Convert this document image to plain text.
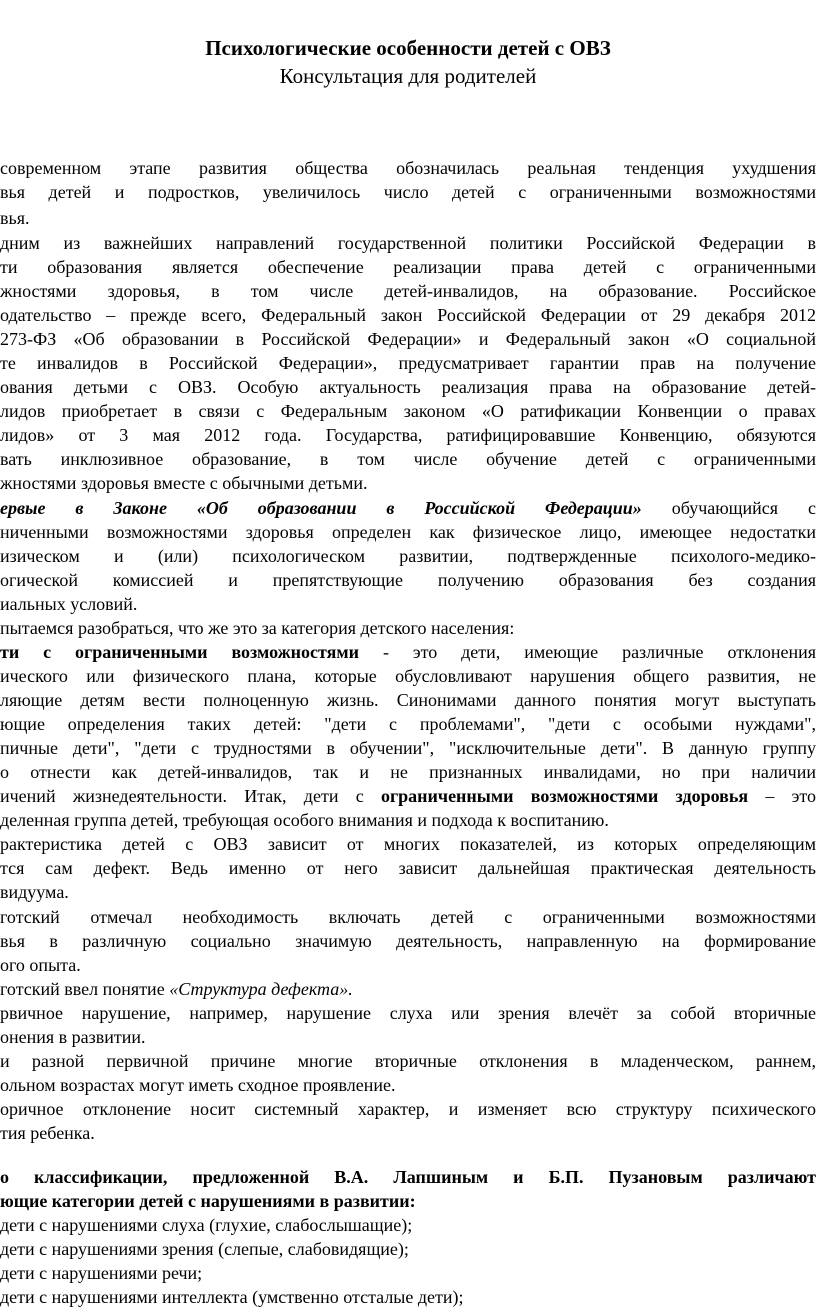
Психологические особенности детей с ОВЗ
Консультация для родителей
современном этапе развития общества обозначилась реальная тенденция ухудшения
вья детей и подростков, увеличилось число детей с ограниченными возможностями
вья.
дним из важнейших направлений государственной политики Российской Федерации в
ти образования является обеспечение реализации права детей с ограниченными
жностями здоровья, в том числе детей-инвалидов, на образование. Российское
одательство – прежде всего, Федеральный закон Российской Федерации от 29 декабря 2012
273-ФЗ «Об образовании в Российской Федерации» и Федеральный закон «О социальной
те инвалидов в Российской Федерации», предусматривает гарантии прав на получение
ования детьми с ОВЗ. Особую актуальность реализация права на образование детей-
лидов приобретает в связи с Федеральным законом «О ратификации Конвенции о правах
лидов» от 3 мая 2012 года. Государства, ратифицировавшие Конвенцию, обязуются
вать инклюзивное образование, в том числе обучение детей с ограниченными
жностями здоровья вместе с обычными детьми.
ервые в Законе «Об образовании в Российской Федерации» обучающийся с
ниченными возможностями здоровья определен как физическое лицо, имеющее недостатки
изическом и (или) психологическом развитии, подтвержденные психолого-медико-
огической комиссией и препятствующие получению образования без создания
иальных условий.
пытаемся разобраться, что же это за категория детского населения:
ти с ограниченными возможностями - это дети, имеющие различные отклонения
ического или физического плана, которые обусловливают нарушения общего развития, не
ляющие детям вести полноценную жизнь. Синонимами данного понятия могут выступать
ющие определения таких детей: "дети с проблемами", "дети с особыми нуждами",
пичные дети", "дети с трудностями в обучении", "исключительные дети". В данную группу
о отнести как детей-инвалидов, так и не признанных инвалидами, но при наличии
ичений жизнедеятельности. Итак, дети с ограниченными возможностями здоровья – это
деленная группа детей, требующая особого внимания и подхода к воспитанию.
рактеристика детей с ОВЗ зависит от многих показателей, из которых определяющим
тся сам дефект. Ведь именно от него зависит дальнейшая практическая деятельность
видуума.
готский отмечал необходимость включать детей с ограниченными возможностями
вья в различную социально значимую деятельность, направленную на формирование
ого опыта.
готский ввел понятие «Структура дефекта».
рвичное нарушение, например, нарушение слуха или зрения влечёт за собой вторичные
онения в развитии.
и разной первичной причине многие вторичные отклонения в младенческом, раннем,
ольном возрастах могут иметь сходное проявление.
оричное отклонение носит системный характер, и изменяет всю структуру психического
тия ребенка.
о классификации, предложенной В.А. Лапшиным и Б.П. Пузановым различают
ющие категории детей с нарушениями в развитии:
дети с нарушениями слуха (глухие, слабослышащие);
дети с нарушениями зрения (слепые, слабовидящие);
дети с нарушениями речи;
дети с нарушениями интеллекта (умственно отсталые дети);
